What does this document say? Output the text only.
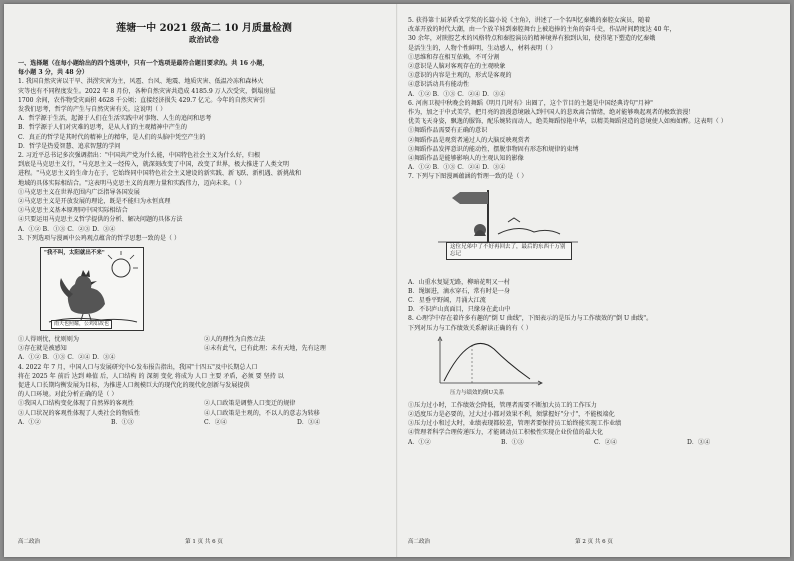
莲塘一中 2021 级高二 10 月质量检测
政治试卷
一、选择题（在每小题给出的四个选项中，只有一个选项是最符合题目要求的。共 16 小题，
每小题 3 分，共 48 分）
1. 我国自然灾害以干旱、洪涝灾害为主，风雹、台风、地震、地质灾害、低温冷冻和森林火
灾等也有不同程度发生。2022 年 8 月份，各种自然灾害共造成 4185.9 万人次受灾，倒塌房屋
1700 余间，农作物受灾面积 4628 千公顷；直接经济损失 429.7 亿元。今年的自然灾害引
发我们思考，哲学的产生与自然灾害有关。这说明（ ）
A．哲学源于生活，起源于人们在生活实践中对事物、人生的追问和思考
B．哲学源于人们对灾难的思考，是从人们的主观精神中产生的
C．真正的哲学是其时代的精神上的精华，是人们的头脑中凭空产生的
D．哲学是热爱智慧、追求智慧的学问
2. 习近平总书记多次强调指出："中国共产党为什么能，中国特色社会主义为什么好，归根
到底是马克思主义行，"马克思主义一经传入，就深刻改变了中国，改变了世界，极大推进了人类文明
进程。"马克思主义的生命力在于，它始终同中国特色社会主义建设的新实践、新飞跃、新机遇、新挑战和
地域的具体实际相结合。"这表明马克思主义的真理力量和实践伟力，迈向未来。（ ）
①马克思主义在世界范围内广泛指导各国发展
②马克思主义是开放发展的理论，既是不能归为永恒真理
③马克思主义基本原理同中国实际相结合
④只要运用马克思主义哲学提供的分析、解决问题的具体方法
A．①② B．①③ C．②③ D．③④
3. 下列选项与漫画中公鸡观点蕴含的哲学思想一致的是（ ）
"我不叫，太阳就出不来"
雨天也照耀，公鸡如故也
①人得则忧，忧则则为	②人的理性为自然立法
③存在就是被感知	④未有此气，已有此理；未有天地，先有这理
A．①② B．①③ C．②④ D．③④
4. 2022 年 7 月，中国人口与发展研究中心发布报告指出，我国"十四五"及中长期总人口
将在 2025 年 前后 达到 峰值 后，人口结构 的 深刻 变化 将成为 人口 主要 矛盾，必须 要 坚持 以
促进人口长期均衡发展为目标，为推进人口规模巨大的现代化的现代化创新与发展提供
的人口环境。对此分析正确的是（ ）
①我国人口结构变化体现了自然界的客观性	②人口政策是调整人口变迁的规律
③人口状况的客观性体现了人类社会的物质性	④人口政策是主观的，不以人的意志为转移
A．①②	B．①③	C．②④	D．③④
高二政治	第 1 页 共 6 页
5. 获得第十届茅盾文学奖的长篇小说《主角》，讲述了一个名叫忆秦娥的秦腔女演员，随着
改革开放的时代大潮，由一个放羊娃到秦腔舞台上被追捧的主角的奋斗史，作品时间跨度达 40 年，
30 余年，对陕腔艺术的风格特点和秦腔演员的精神境界有独到认知，使得笔下塑造的忆秦娥
是活生生的，人物个性鲜明，生动感人，材料表明（ ）
①思维和存在相互依赖，不可分割
②意识是人脑对客观存在的主观映象
③意识的内容是主观的，形式是客观的
④意识活动具有能动性
A．①② B．①③ C．②④ D．③④
6. 河南卫视中秋晚会的舞蹈《明月几时有》出圈了，这个节目的主题是中国经典诗句"月神"
作为，加之于中式美学，把月亮的浪漫意境融入到中国人的悲欢离合情绪，绝对能够唤起观者的极致浪漫！
优美飞天身姿，飘逸的服饰，配乐婉转而动人，绝美舞蹈惊艳中华，以精美舞蹈营造的意境使人如痴如醉。这表明（ ）
①舞蹈作品需要有正确的意识
②舞蹈作品是观赏者通过人的大脑反映观赏者
③舞蹈作品发挥意识的能动性，摆脱事物固有形态和规律的束缚
④舞蹈作品是能够影响人的主观认知的影像
A．①② B．①③ C．②④ D．③④
7. 下列与下图漫画蕴涵的哲理一致的是（ ）
这位兄弟中了不好再回去了，最后的东西千万别忘记
A．山重水复疑无路，柳暗花明又一村
B．绳锯进，滴水穿石，常有时是一身
C．星垂平野阔，月涌大江流
D．不识庐山真面目，只缘身在此山中
8. 心理学中存在着许多有趣的"倒 U 曲线"，下图表示的是压力与工作绩效的"倒 U 曲线"。
下列对压力与工作绩效关系解读正确的有（ ）
压力与绩效的倒U关系
①压力过小时，工作绩效会降低，管理者需要不断加大员工的工作压力
②适度压力是必要的，过大过小都对效果不利，须掌握好"分寸"，不能极端化
③压力过小和过大时，业绩表现都较差，管理者要保持员工始终能实现工作业绩
④管理者科学合理传递压力，才能调动员工积极性实现企业价值的最大化
A．①②	B．①③	C．②④	D．③④
高二政治	第 2 页 共 6 页
